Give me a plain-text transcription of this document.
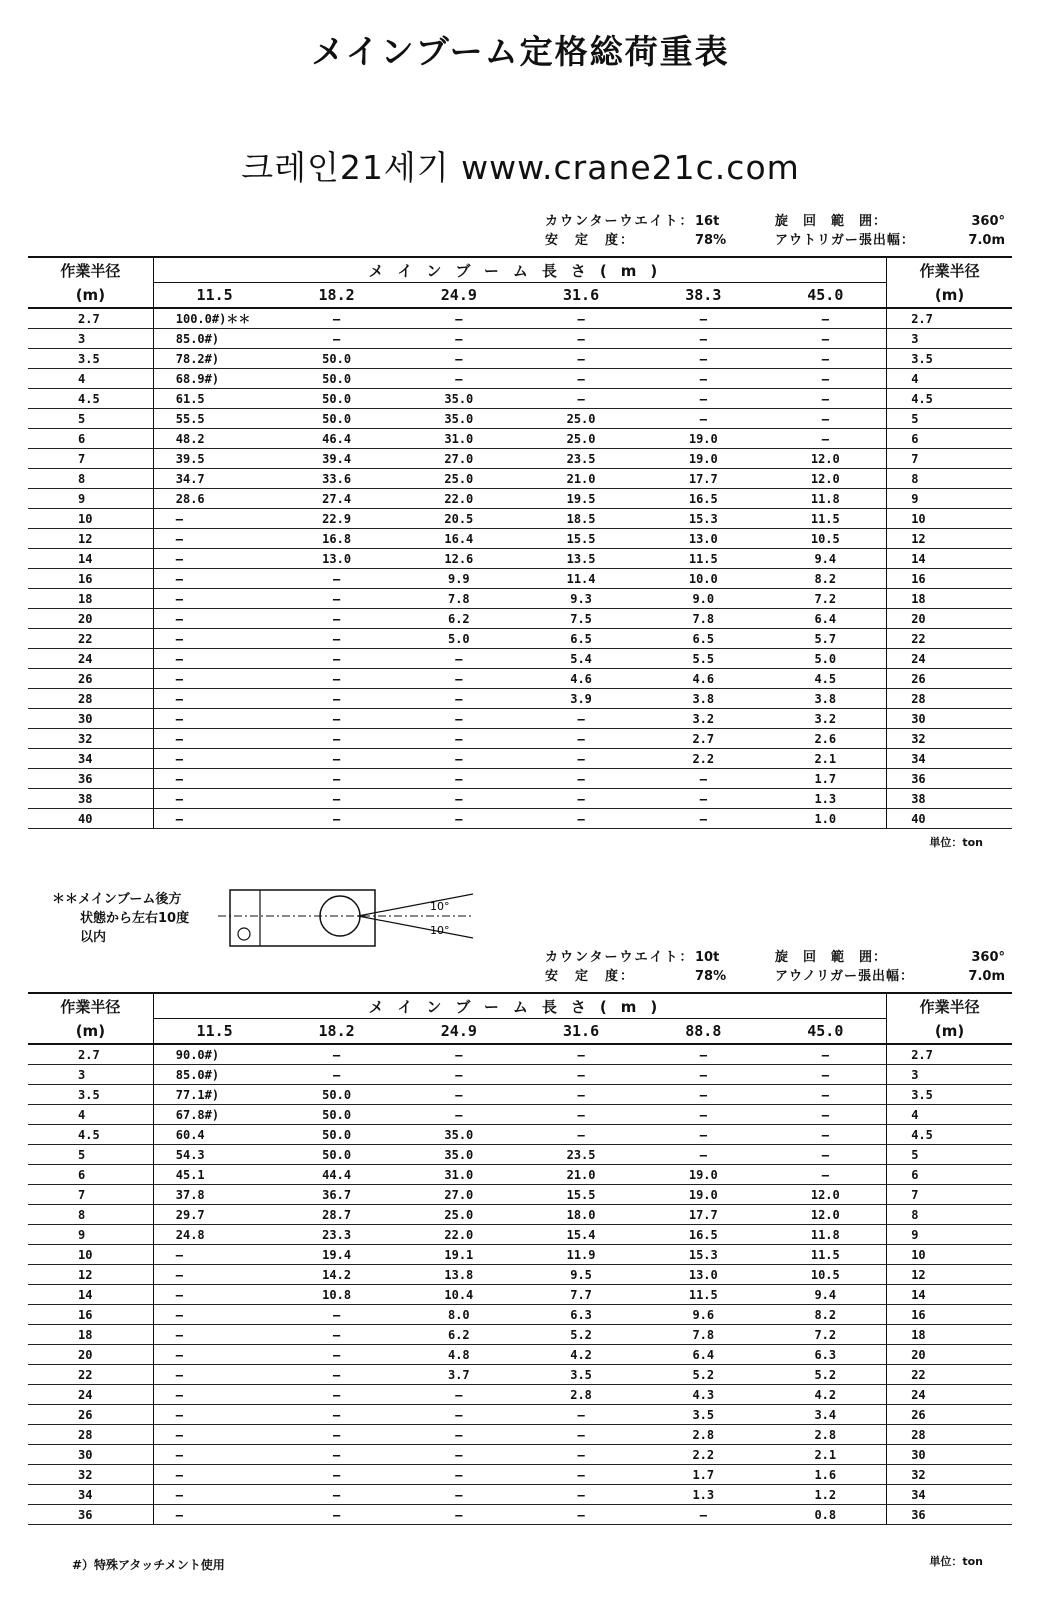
メインブーム定格総荷重表
크레인21세기 www.crane21c.com
カウンターウエイト： 16t	旋　回　範　囲：	360°
安　定　度：	78%	アウトリガー張出幅：	7.0m
作業半径	メインブーム長さ(m)						作業半径
(m)	11.5	18.2	24.9	31.6	38.3	45.0	(m)
2.7	100.0#)＊＊	—	—	—	—	—	2.7
3	85.0#)	—	—	—	—	—	3
3.5	78.2#)	50.0	—	—	—	—	3.5
4	68.9#)	50.0	—	—	—	—	4
4.5	61.5	50.0	35.0	—	—	—	4.5
5	55.5	50.0	35.0	25.0	—	—	5
6	48.2	46.4	31.0	25.0	19.0	—	6
7	39.5	39.4	27.0	23.5	19.0	12.0	7
8	34.7	33.6	25.0	21.0	17.7	12.0	8
9	28.6	27.4	22.0	19.5	16.5	11.8	9
10	—	22.9	20.5	18.5	15.3	11.5	10
12	—	16.8	16.4	15.5	13.0	10.5	12
14	—	13.0	12.6	13.5	11.5	9.4	14
16	—	—	9.9	11.4	10.0	8.2	16
18	—	—	7.8	9.3	9.0	7.2	18
20	—	—	6.2	7.5	7.8	6.4	20
22	—	—	5.0	6.5	6.5	5.7	22
24	—	—	—	5.4	5.5	5.0	24
26	—	—	—	4.6	4.6	4.5	26
28	—	—	—	3.9	3.8	3.8	28
30	—	—	—	—	3.2	3.2	30
32	—	—	—	—	2.7	2.6	32
34	—	—	—	—	2.2	2.1	34
36	—	—	—	—	—	1.7	36
38	—	—	—	—	—	1.3	38
40	—	—	—	—	—	1.0	40
単位：ton
＊＊メインブーム後方
状態から左右10度
以内
10°
10°
カウンターウエイト： 10t	旋　回　範　囲：	360°
安　定　度：	78%	アウノリガー張出幅：	7.0m
作業半径	メインブーム長さ(m)						作業半径
(m)	11.5	18.2	24.9	31.6	88.8	45.0	(m)
2.7	90.0#)	—	—	—	—	—	2.7
3	85.0#)	—	—	—	—	—	3
3.5	77.1#)	50.0	—	—	—	—	3.5
4	67.8#)	50.0	—	—	—	—	4
4.5	60.4	50.0	35.0	—	—	—	4.5
5	54.3	50.0	35.0	23.5	—	—	5
6	45.1	44.4	31.0	21.0	19.0	—	6
7	37.8	36.7	27.0	15.5	19.0	12.0	7
8	29.7	28.7	25.0	18.0	17.7	12.0	8
9	24.8	23.3	22.0	15.4	16.5	11.8	9
10	—	19.4	19.1	11.9	15.3	11.5	10
12	—	14.2	13.8	9.5	13.0	10.5	12
14	—	10.8	10.4	7.7	11.5	9.4	14
16	—	—	8.0	6.3	9.6	8.2	16
18	—	—	6.2	5.2	7.8	7.2	18
20	—	—	4.8	4.2	6.4	6.3	20
22	—	—	3.7	3.5	5.2	5.2	22
24	—	—	—	2.8	4.3	4.2	24
26	—	—	—	—	3.5	3.4	26
28	—	—	—	—	2.8	2.8	28
30	—	—	—	—	2.2	2.1	30
32	—	—	—	—	1.7	1.6	32
34	—	—	—	—	1.3	1.2	34
36	—	—	—	—	—	0.8	36
#）特殊アタッチメント使用	単位：ton
